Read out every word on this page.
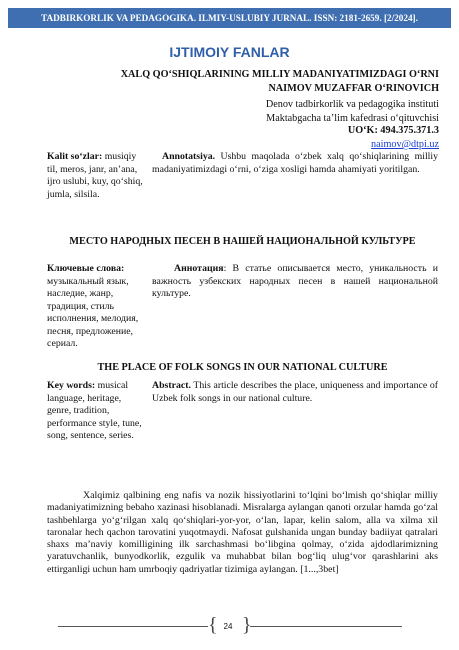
TADBIRKORLIK VA PEDAGOGIKA. ILMIY-USLUBIY JURNAL. ISSN: 2181-2659. [2/2024].
IJTIMOIY FANLAR
XALQ QO‘SHIQLARINING MILLIY MADANIYATIMIZDAGI O‘RNI
NAIMOV MUZAFFAR O‘RINOVICH
Denov tadbirkorlik va pedagogika instituti
Maktabgacha ta’lim kafedrasi o‘qituvchisi
UO‘K: 494.375.371.3
naimov@dtpi.uz
Kalit so‘zlar: musiqiy til, meros, janr, an’ana, ijro uslubi, kuy, qo‘shiq, jumla, silsila.
Annotatsiya. Ushbu maqolada o‘zbek xalq qo‘shiqlarining milliy madaniyatimizdagi o‘rni, o‘ziga xosligi hamda ahamiyati yoritilgan.
МЕСТО НАРОДНЫХ ПЕСЕН В НАШЕЙ НАЦИОНАЛЬНОЙ КУЛЬТУРЕ
Ключевые слова: музыкальный язык, наследие, жанр, традиция, стиль исполнения, мелодия, песня, предложение, сериал.
Аннотация: В статье описывается место, уникальность и важность узбекских народных песен в нашей национальной культуре.
THE PLACE OF FOLK SONGS IN OUR NATIONAL CULTURE
Key words: musical language, heritage, genre, tradition, performance style, tune, song, sentence, series.
Abstract. This article describes the place, uniqueness and importance of Uzbek folk songs in our national culture.
Xalqimiz qalbining eng nafis va nozik hissiyotlarini to‘lqini bo‘lmish qo‘shiqlar milliy madaniyatimizning bebaho xazinasi hisoblanadi. Misralarga aylangan qanoti orzular hamda go‘zal tashbehlarga yo‘g‘rilgan xalq qo‘shiqlari-yor-yor, o‘lan, lapar, kelin salom, alla va xilma xil taronalar hech qachon tarovatini yuqotmaydi. Nafosat gulshanida ungan bunday badiiyat qatralari shaxs ma’naviy komilligining ilk sarchashmasi bo‘libgina qolmay, o‘zida ajdodlarimizning yaratuvchanlik, bunyodkorlik, ezgulik va muhabbat bilan bog‘liq ulug‘vor qarashlarini aks ettirganligi uchun ham umrboqiy qadriyatlar tizimiga aylangan. [1...,3bet]
{ }
24
